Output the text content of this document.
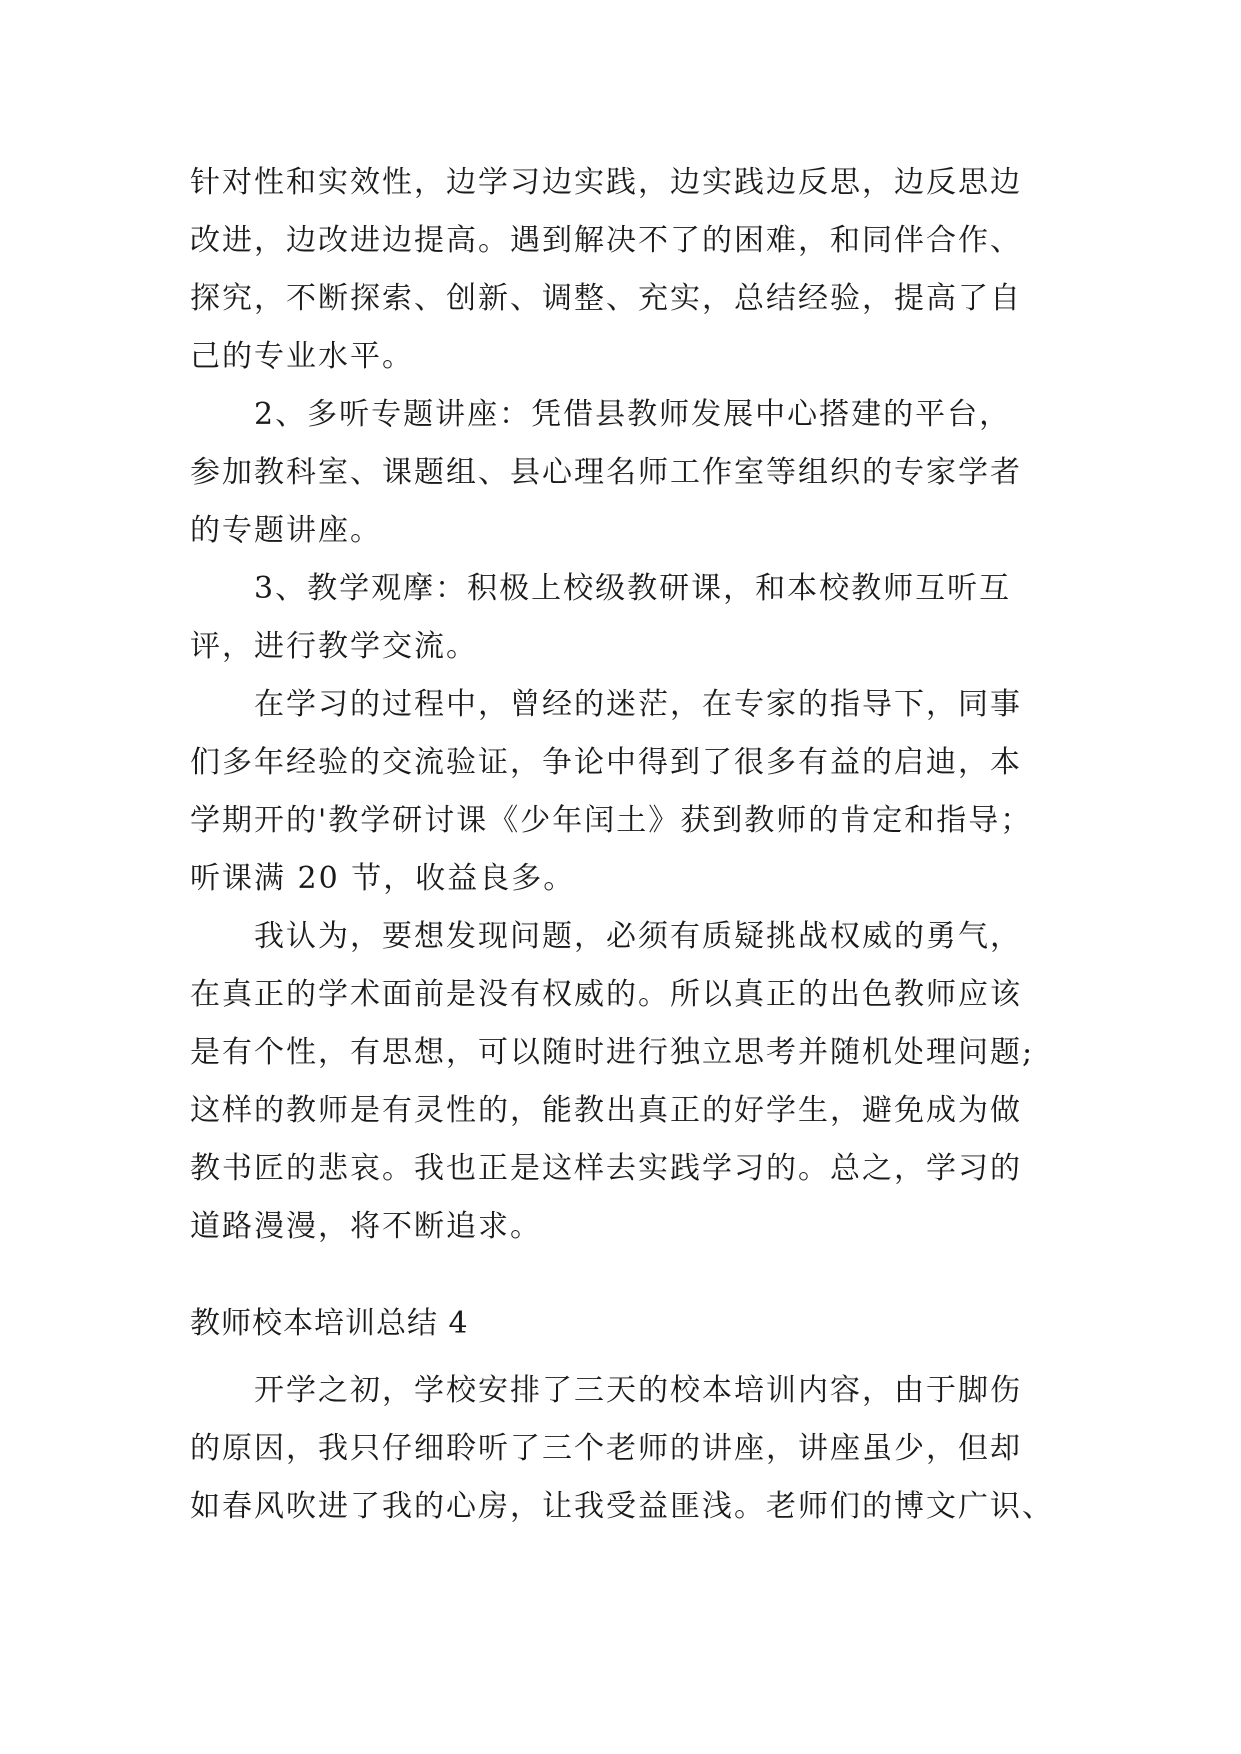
针对性和实效性，边学习边实践，边实践边反思，边反思边

改进，边改进边提高。遇到解决不了的困难，和同伴合作、

探究，不断探索、创新、调整、充实，总结经验，提高了自

己的专业水平。

2、多听专题讲座：凭借县教师发展中心搭建的平台，

参加教科室、课题组、县心理名师工作室等组织的专家学者

的专题讲座。

3、教学观摩：积极上校级教研课，和本校教师互听互

评，进行教学交流。

在学习的过程中，曾经的迷茫，在专家的指导下，同事

们多年经验的交流验证，争论中得到了很多有益的启迪，本

学期开的'教学研讨课《少年闰土》获到教师的肯定和指导；

听课满 20 节，收益良多。

我认为，要想发现问题，必须有质疑挑战权威的勇气，

在真正的学术面前是没有权威的。所以真正的出色教师应该

是有个性，有思想，可以随时进行独立思考并随机处理问题;

这样的教师是有灵性的，能教出真正的好学生，避免成为做

教书匠的悲哀。我也正是这样去实践学习的。总之，学习的

道路漫漫，将不断追求。

教师校本培训总结 4

开学之初，学校安排了三天的校本培训内容，由于脚伤

的原因，我只仔细聆听了三个老师的讲座，讲座虽少，但却

如春风吹进了我的心房，让我受益匪浅。老师们的博文广识、
